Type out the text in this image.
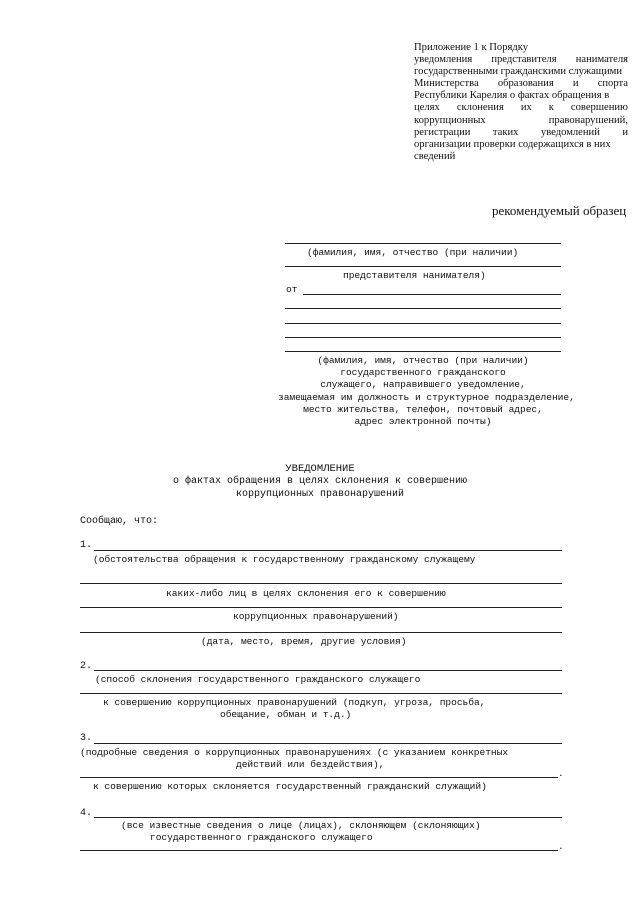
Приложение 1 к Порядку
уведомления представителя нанимателя
государственными гражданскими служащими
Министерства образования и спорта
Республики Карелия о фактах обращения в
целях склонения их к совершению
коррупционных	правонарушений,
регистрации таких уведомлений и
организации проверки содержащихся в них
сведений
рекомендуемый образец
(фамилия, имя, отчество (при наличии)
представителя нанимателя)
от
(фамилия, имя, отчество (при наличии)
государственного гражданского
служащего, направившего уведомление,
замещаемая им должность и структурное подразделение,
место жительства, телефон, почтовый адрес,
адрес электронной почты)
УВЕДОМЛЕНИЕ
о фактах обращения в целях склонения к совершению
коррупционных правонарушений
Сообщаю, что:
1.
(обстоятельства обращения к государственному гражданскому служащему
каких-либо лиц в целях склонения его к совершению
коррупционных правонарушений)
(дата, место, время, другие условия)
2.
(способ склонения государственного гражданского служащего
к совершению коррупционных правонарушений (подкуп, угроза, просьба,
обещание, обман и т.д.)
3.
(подробные сведения о коррупционных правонарушениях (с указанием конкретных
действий или бездействия),
.
к совершению которых склоняется государственный гражданский служащий)
4.
(все известные сведения о лице (лицах), склоняющем (склоняющих)
государственного гражданского служащего
.
